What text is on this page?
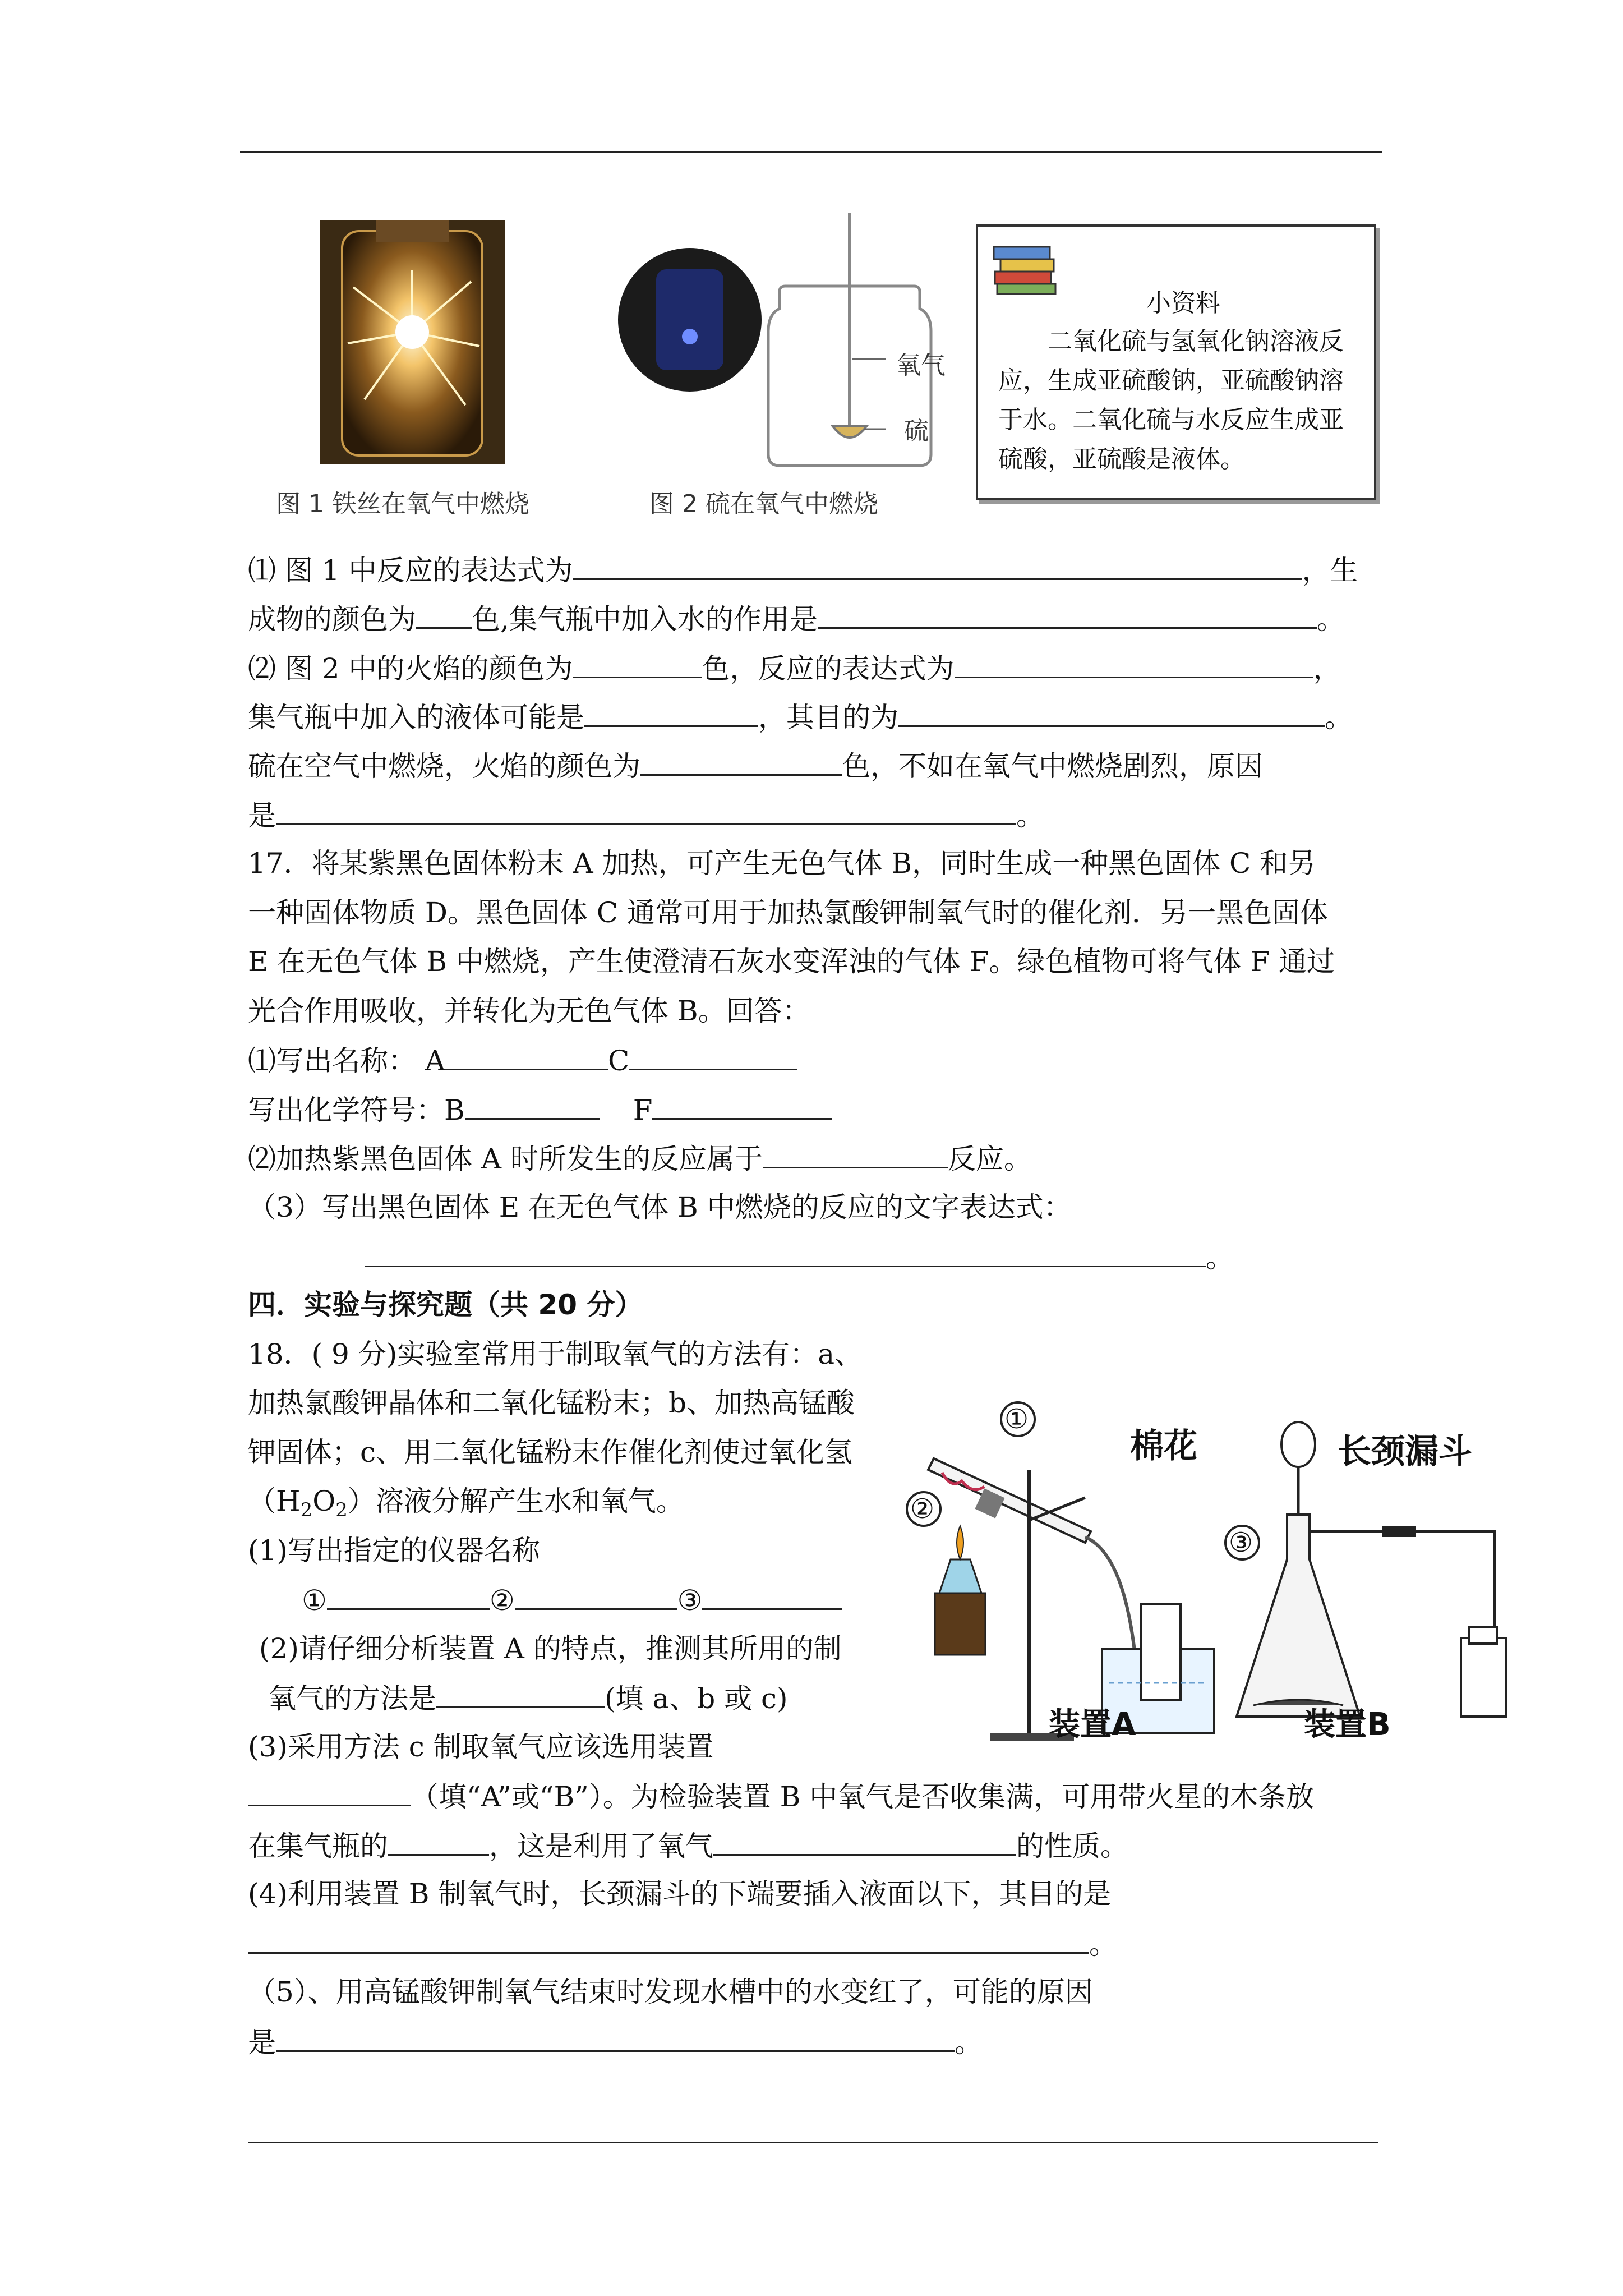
图 1 铁丝在氧气中燃烧
氧气
硫
图 2 硫在氧气中燃烧
小资料
二氧化硫与氢氧化钠溶液反应，生成亚硫酸钠，亚硫酸钠溶于水。二氧化硫与水反应生成亚硫酸，亚硫酸是液体。
⑴ 图 1 中反应的表达式为	，生
成物的颜色为 色,集气瓶中加入水的作用是	。
⑵ 图 2 中的火焰的颜色为	色，反应的表达式为	，
集气瓶中加入的液体可能是	，其目的为	。
硫在空气中燃烧，火焰的颜色为	色，不如在氧气中燃烧剧烈，原因
是	。
17．将某紫黑色固体粉末 A 加热，可产生无色气体 B，同时生成一种黑色固体 C 和另
一种固体物质 D。黑色固体 C 通常可用于加热氯酸钾制氧气时的催化剂．另一黑色固体
E 在无色气体 B 中燃烧，产生使澄清石灰水变浑浊的气体 F。绿色植物可将气体 F 通过
光合作用吸收，并转化为无色气体 B。回答：
⑴写出名称： A	C
写出化学符号：B	F
⑵加热紫黑色固体 A 时所发生的反应属于	反应。
（3）写出黑色固体 E 在无色气体 B 中燃烧的反应的文字表达式：
。
四．实验与探究题（共 20 分）
18．( 9 分)实验室常用于制取氧气的方法有：a、
加热氯酸钾晶体和二氧化锰粉末；b、加热高锰酸
钾固体；c、用二氧化锰粉末作催化剂使过氧化氢
$(H_2O_2)$溶液分解产生水和氧气。
(1)写出指定的仪器名称
①	②	③
(2)请仔细分析装置 A 的特点，推测其所用的制
氧气的方法是	(填 a、b 或 c)
(3)采用方法 c 制取氧气应该选用装置
（填“A”或“B”）。为检验装置 B 中氧气是否收集满，可用带火星的木条放
在集气瓶的	，这是利用了氧气	的性质。
(4)利用装置 B 制氧气时，长颈漏斗的下端要插入液面以下，其目的是
。
（5）、用高锰酸钾制氧气结束时发现水槽中的水变红了，可能的原因
是	。
①
②
③
棉花	长颈漏斗
装置A	装置B
